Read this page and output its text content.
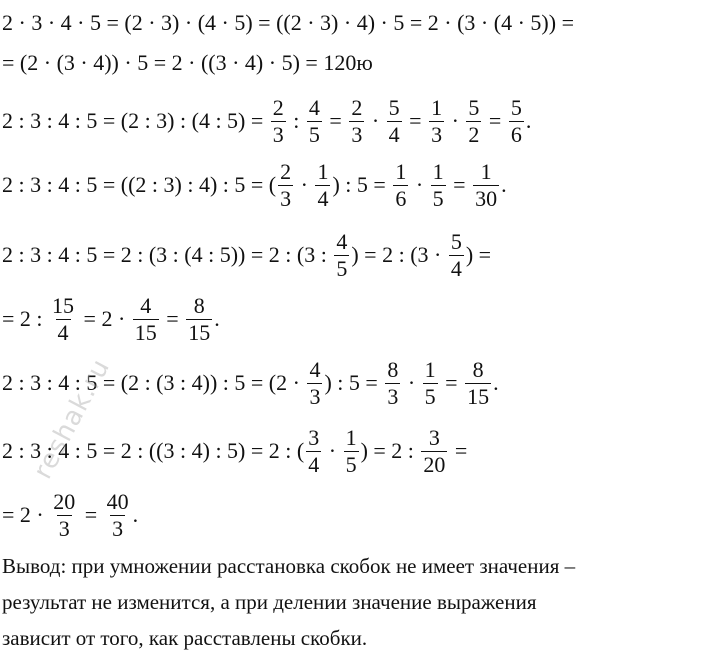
2 · 3 · 4 · 5 = (2 · 3) · (4 · 5) = ((2 · 3) · 4) · 5 = 2 · (3 · (4 · 5)) =
= (2 · (3 · 4)) · 5 = 2 · ((3 · 4) · 5) = 120ю
2 : 3 : 4 : 5 = (2 : 3) : (4 : $5) = \frac{2}{3}$ : $\frac{4}{5} = \frac{2}{3} \cdot \frac{5}{4} = \frac{1}{3} \cdot \frac{5}{2} = \frac{5}{6}$ .
2 : 3 : 4 : 5 = ((2 : 3) : 4) : 5 = ( $\frac{2}{3} \cdot \frac{1}{4}$ ) : $5 = \frac{1}{6} \cdot \frac{1}{5} = \frac{1}{30}$ .
2 : 3 : 4 : 5 = 2 : (3 : (4 : 5)) = 2 : (3 : $\frac{4}{5}$ ) = 2 : ($3 \cdot \frac{5}{4}$ ) =
= 2 : $\frac{15}{4} = 2 \cdot \frac{4}{15} = \frac{8}{15}$ .
2 : 3 : 4 : 5 = (2 : (3 : 4)) : $5 = (2 \cdot \frac{4}{3}$ ) : $5 = \frac{8}{3} \cdot \frac{1}{5} = \frac{8}{15}$ .
2 : 3 : 4 : 5 = 2 : ((3 : 4) : 5) = 2 : ( $\frac{3}{4} \cdot \frac{1}{5}$ ) = 2 : $\frac{3}{20}$ =
= $2 \cdot \frac{20}{3} = \frac{40}{3}$ .
Вывод: при умножении расстановка скобок не имеет значения –
результат не изменится, а при делении значение выражения
зависит от того, как расставлены скобки.
reshak.ru
